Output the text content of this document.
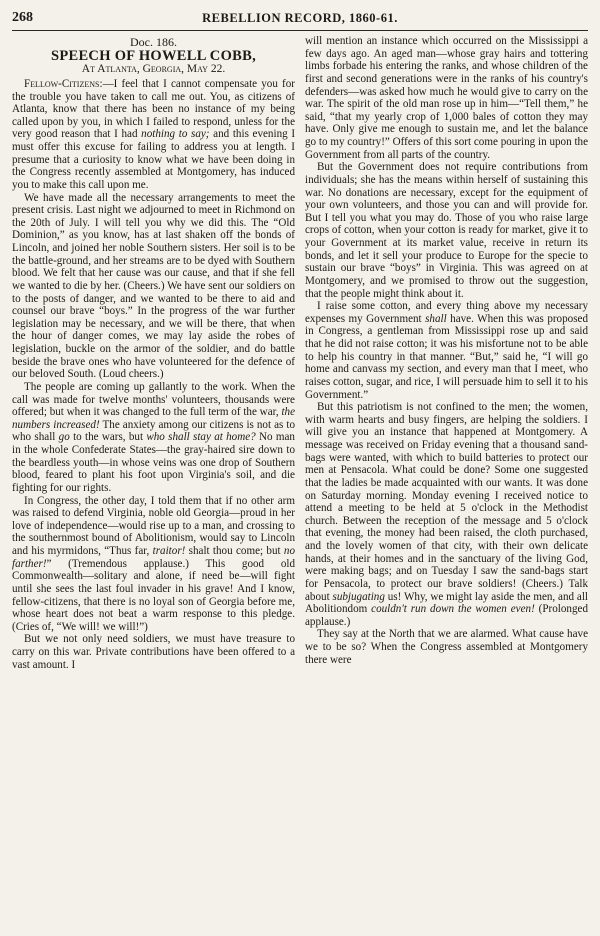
268	REBELLION RECORD, 1860-61.
Doc. 186.
SPEECH OF HOWELL COBB,
At Atlanta, Georgia, May 22.

Fellow-Citizens:—I feel that I cannot compensate you for the trouble you have taken to call me out. You, as citizens of Atlanta, know that there has been no instance of my being called upon by you, in which I failed to respond, unless for the very good reason that I had nothing to say; and this evening I must offer this excuse for failing to address you at length. I presume that a curiosity to know what we have been doing in the Congress recently assembled at Montgomery, has induced you to make this call upon me.

We have made all the necessary arrangements to meet the present crisis. Last night we adjourned to meet in Richmond on the 20th of July. I will tell you why we did this. The “Old Dominion,” as you know, has at last shaken off the bonds of Lincoln, and joined her noble Southern sisters. Her soil is to be the battle-ground, and her streams are to be dyed with Southern blood. We felt that her cause was our cause, and that if she fell we wanted to die by her. (Cheers.) We have sent our soldiers on to the posts of danger, and we wanted to be there to aid and counsel our brave “boys.” In the progress of the war further legislation may be necessary, and we will be there, that when the hour of danger comes, we may lay aside the robes of legislation, buckle on the armor of the soldier, and do battle beside the brave ones who have volunteered for the defence of our beloved South. (Loud cheers.)

The people are coming up gallantly to the work. When the call was made for twelve months' volunteers, thousands were offered; but when it was changed to the full term of the war, the numbers increased! The anxiety among our citizens is not as to who shall go to the wars, but who shall stay at home? No man in the whole Confederate States—the gray-haired sire down to the beardless youth—in whose veins was one drop of Southern blood, feared to plant his foot upon Virginia's soil, and die fighting for our rights.

In Congress, the other day, I told them that if no other arm was raised to defend Virginia, noble old Georgia—proud in her love of independence—would rise up to a man, and crossing to the southernmost bound of Abolitionism, would say to Lincoln and his myrmidons, “Thus far, traitor! shalt thou come; but no farther!” (Tremendous applause.) This good old Commonwealth—solitary and alone, if need be—will fight until she sees the last foul invader in his grave! And I know, fellow-citizens, that there is no loyal son of Georgia before me, whose heart does not beat a warm response to this pledge. (Cries of, “We will! we will!”)

But we not only need soldiers, we must have treasure to carry on this war. Private contributions have been offered to a vast amount. I

will mention an instance which occurred on the Mississippi a few days ago. An aged man—whose gray hairs and tottering limbs forbade his entering the ranks, and whose children of the first and second generations were in the ranks of his country's defenders—was asked how much he would give to carry on the war. The spirit of the old man rose up in him—“Tell them,” he said, “that my yearly crop of 1,000 bales of cotton they may have. Only give me enough to sustain me, and let the balance go to my country!” Offers of this sort come pouring in upon the Government from all parts of the country.

But the Government does not require contributions from individuals; she has the means within herself of sustaining this war. No donations are necessary, except for the equipment of your own volunteers, and those you can and will provide for. But I tell you what you may do. Those of you who raise large crops of cotton, when your cotton is ready for market, give it to your Government at its market value, receive in return its bonds, and let it sell your produce to Europe for the specie to sustain our brave “boys” in Virginia. This was agreed on at Montgomery, and we promised to throw out the suggestion, that the people might think about it.

I raise some cotton, and every thing above my necessary expenses my Government shall have. When this was proposed in Congress, a gentleman from Mississippi rose up and said that he did not raise cotton; it was his misfortune not to be able to help his country in that manner. “But,” said he, “I will go home and canvass my section, and every man that I meet, who raises cotton, sugar, and rice, I will persuade him to sell it to his Government.”

But this patriotism is not confined to the men; the women, with warm hearts and busy fingers, are helping the soldiers. I will give you an instance that happened at Montgomery. A message was received on Friday evening that a thousand sand-bags were wanted, with which to build batteries to protect our men at Pensacola. What could be done? Some one suggested that the ladies be made acquainted with our wants. It was done on Saturday morning. Monday evening I received notice to attend a meeting to be held at 5 o'clock in the Methodist church. Between the reception of the message and 5 o'clock that evening, the money had been raised, the cloth purchased, and the lovely women of that city, with their own delicate hands, at their homes and in the sanctuary of the living God, were making bags; and on Tuesday I saw the sand-bags start for Pensacola, to protect our brave soldiers! (Cheers.) Talk about subjugating us! Why, we might lay aside the men, and all Abolitiondom couldn't run down the women even! (Prolonged applause.)

They say at the North that we are alarmed. What cause have we to be so? When the Congress assembled at Montgomery there were
